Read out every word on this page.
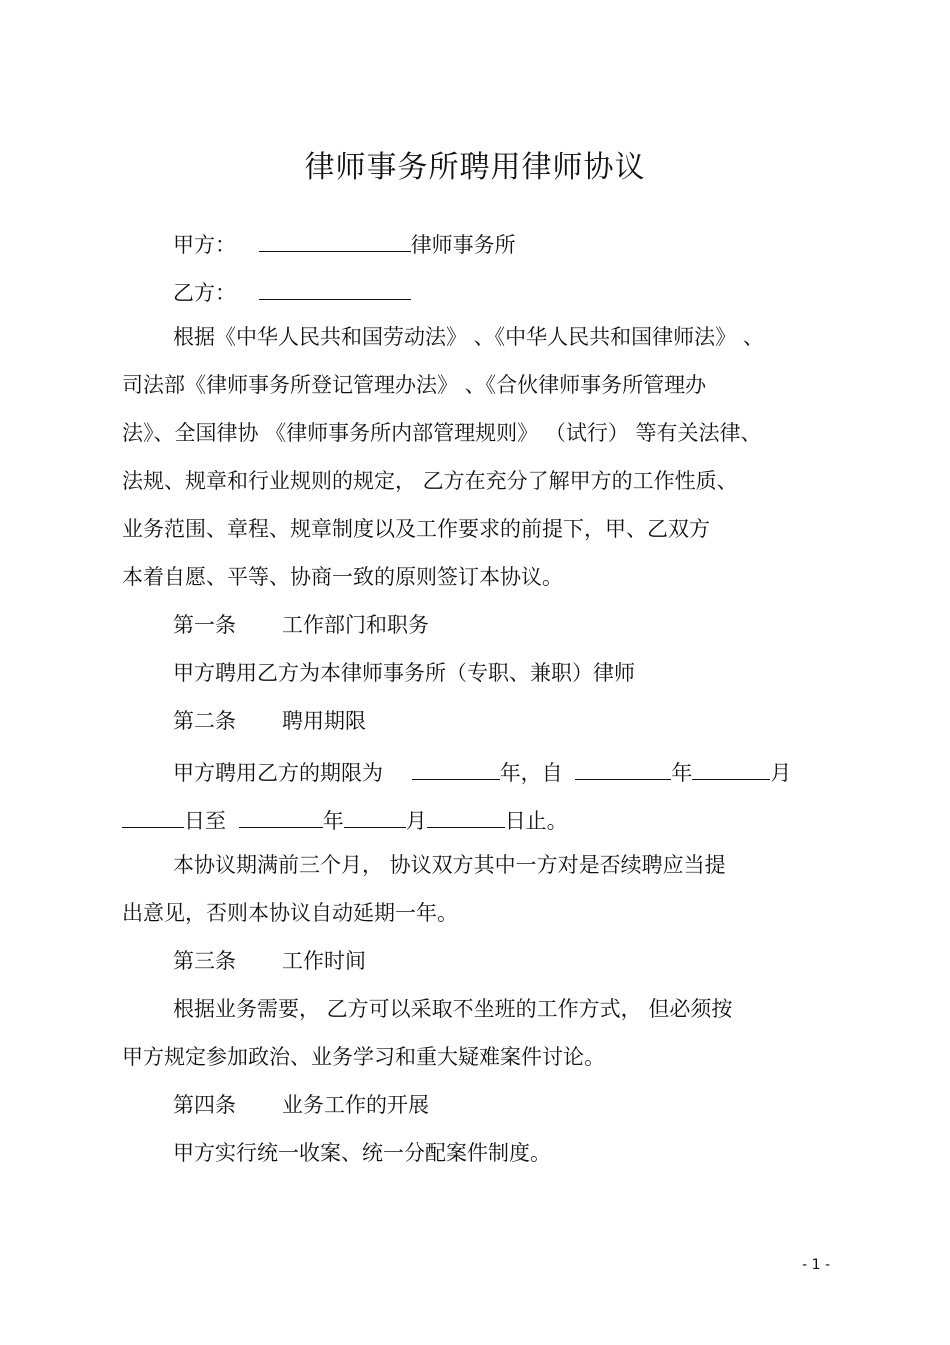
律师事务所聘用律师协议
甲方：	律师事务所
乙方：
根据《中华人民共和国劳动法》 、《中华人民共和国律师法》 、
司法部《律师事务所登记管理办法》 、《合伙律师事务所管理办
法》、全国律协 《律师事务所内部管理规则》 （试行） 等有关法律、
法规、规章和行业规则的规定， 乙方在充分了解甲方的工作性质、
业务范围、章程、规章制度以及工作要求的前提下，甲、乙双方
本着自愿、平等、协商一致的原则签订本协议。
第一条 工作部门和职务
甲方聘用乙方为本律师事务所（专职、兼职）律师
第二条 聘用期限
甲方聘用乙方的期限为	年，自	年	月
日至	年	月	日止。
本协议期满前三个月， 协议双方其中一方对是否续聘应当提
出意见，否则本协议自动延期一年。
第三条 工作时间
根据业务需要， 乙方可以采取不坐班的工作方式， 但必须按
甲方规定参加政治、业务学习和重大疑难案件讨论。
第四条 业务工作的开展
甲方实行统一收案、统一分配案件制度。
- 1 -
